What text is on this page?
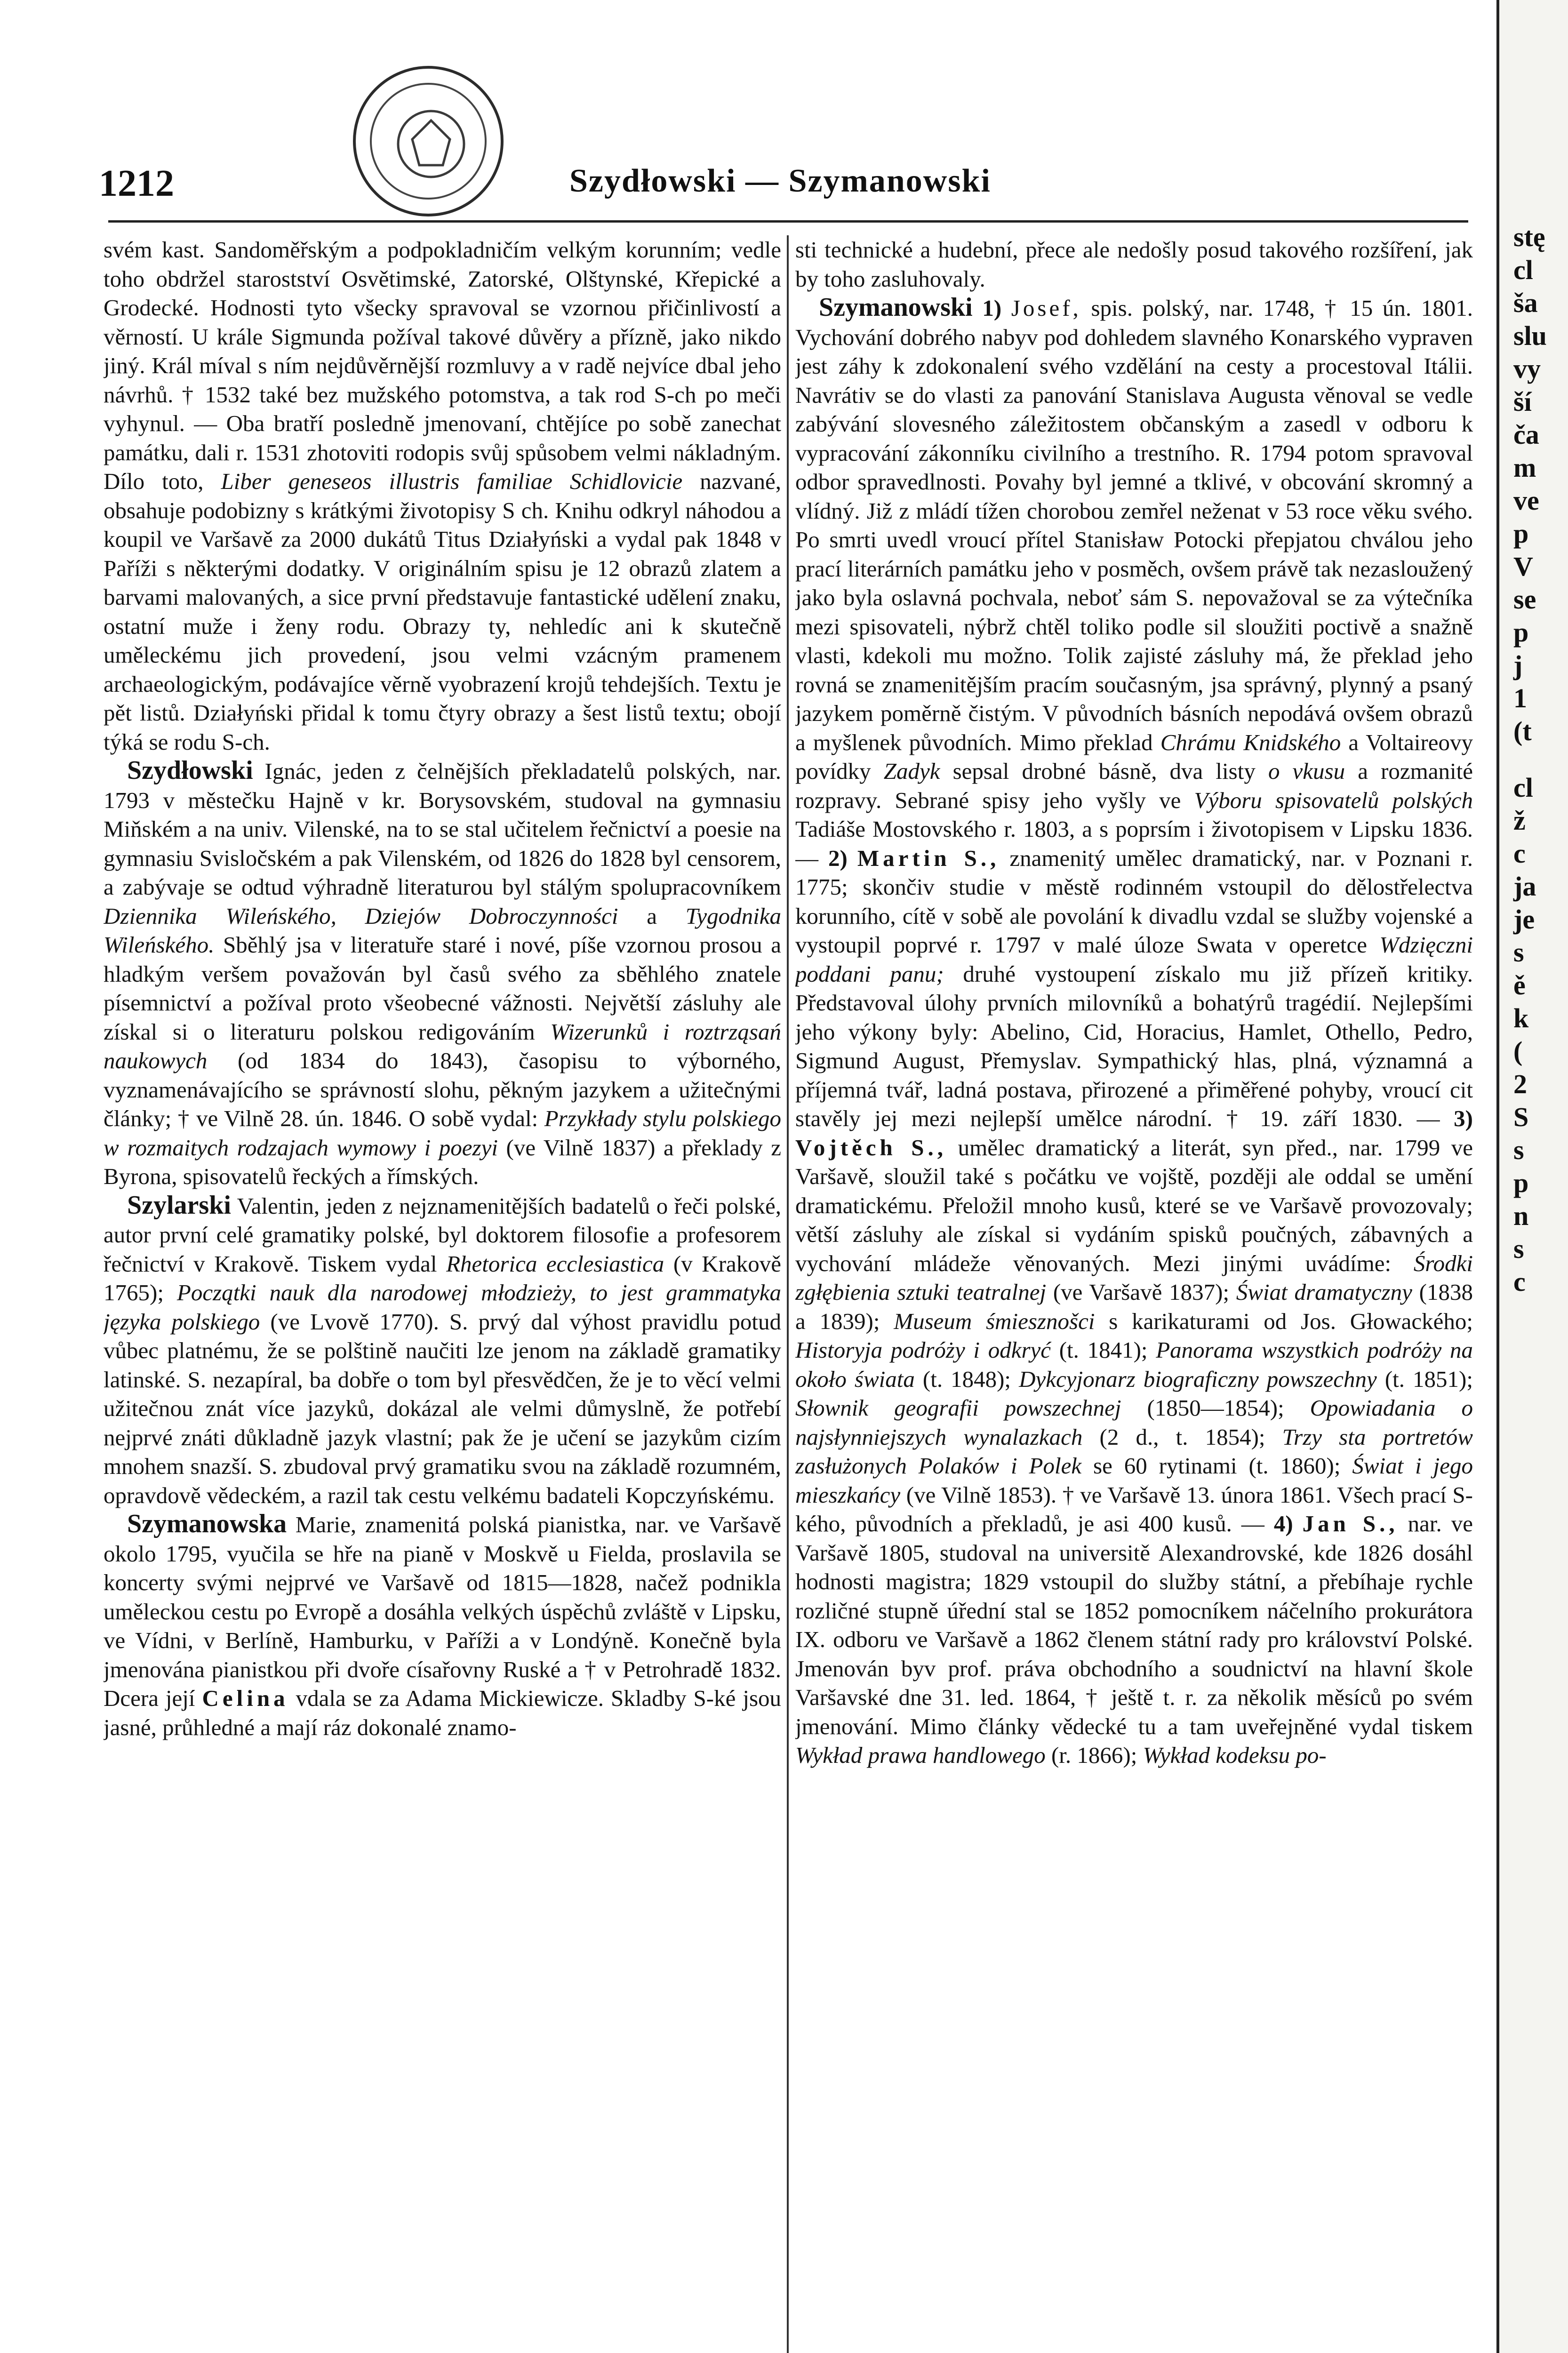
1212	Szydłowski — Szymanowski

svém kast. Sandoměřským a podpokladničím velkým korunním; vedle toho obdržel starostství Osvětimské, Zatorské, Olštynské, Křepické a Grodecké. Hodnosti tyto všecky spravoval se vzornou přičinlivostí a věrností. U krále Sigmunda požíval takové důvěry a přízně, jako nikdo jiný. Král míval s ním nejdůvěrnější rozmluvy a v radě nejvíce dbal jeho návrhů. † 1532 také bez mužského potomstva, a tak rod S-ch po meči vyhynul. — Oba bratří posledně jmenovaní, chtějíce po sobě zanechat památku, dali r. 1531 zhotoviti rodopis svůj spůsobem velmi nákladným. Dílo toto, Liber geneseos illustris familiae Schidlovicie nazvané, obsahuje podobizny s krátkými životopisy S ch. Knihu odkryl náhodou a koupil ve Varšavě za 2000 dukátů Titus Działyński a vydal pak 1848 v Paříži s některými dodatky. V originálním spisu je 12 obrazů zlatem a barvami malovaných, a sice první představuje fantastické udělení znaku, ostatní muže i ženy rodu. Obrazy ty, nehledíc ani k skutečně uměleckému jich provedení, jsou velmi vzácným pramenem archaeologickým, podávajíce věrně vyobrazení krojů tehdejších. Textu je pět listů. Działyński přidal k tomu čtyry obrazy a šest listů textu; obojí týká se rodu S-ch.

Szydłowski Ignác, jeden z čelnějších překladatelů polských, nar. 1793 v městečku Hajně v kr. Borysovském, studoval na gymnasiu Miňském a na univ. Vilenské, na to se stal učitelem řečnictví a poesie na gymnasiu Svisločském a pak Vilenském, od 1826 do 1828 byl censorem, a zabývaje se odtud výhradně literaturou byl stálým spolupracovníkem Dziennika Wileńského, Dziejów Dobroczynności a Tygodnika Wileńského. Sběhlý jsa v literatuře staré i nové, píše vzornou prosou a hladkým veršem považován byl časů svého za sběhlého znatele písemnictví a požíval proto všeobecné vážnosti. Největší zásluhy ale získal si o literaturu polskou redigováním Wizerunků i roztrząsań naukowych (od 1834 do 1843), časopisu to výborného, vyznamenávajícího se správností slohu, pěkným jazykem a užitečnými články; † ve Vilně 28. ún. 1846. O sobě vydal: Przykłady stylu polskiego w rozmaitych rodzajach wymowy i poezyi (ve Vilně 1837) a překlady z Byrona, spisovatelů řeckých a římských.

Szylarski Valentin, jeden z nejznamenitějších badatelů o řeči polské, autor první celé gramatiky polské, byl doktorem filosofie a profesorem řečnictví v Krakově. Tiskem vydal Rhetorica ecclesiastica (v Krakově 1765); Początki nauk dla narodowej młodzieży, to jest grammatyka języka polskiego (ve Lvově 1770). S. prvý dal výhost pravidlu potud vůbec platnému, že se polštině naučiti lze jenom na základě gramatiky latinské. S. nezapíral, ba dobře o tom byl přesvědčen, že je to věcí velmi užitečnou znát více jazyků, dokázal ale velmi důmyslně, že potřebí nejprvé znáti důkladně jazyk vlastní; pak že je učení se jazykům cizím mnohem snazší. S. zbudoval prvý gramatiku svou na základě rozumném, opravdově vědeckém, a razil tak cestu velkému badateli Kopczyńskému.

Szymanowska Marie, znamenitá polská pianistka, nar. ve Varšavě okolo 1795, vyučila se hře na pianě v Moskvě u Fielda, proslavila se koncerty svými nejprvé ve Varšavě od 1815—1828, načež podnikla uměleckou cestu po Evropě a dosáhla velkých úspěchů zvláště v Lipsku, ve Vídni, v Berlíně, Hamburku, v Paříži a v Londýně. Konečně byla jmenována pianistkou při dvoře císařovny Ruské a † v Petrohradě 1832. Dcera její Celina vdala se za Adama Mickiewicze. Skladby S-ké jsou jasné, průhledné a mají ráz dokonalé znamo-

sti technické a hudební, přece ale nedošly posud takového rozšíření, jak by toho zasluhovaly.

Szymanowski 1) Josef, spis. polský, nar. 1748, † 15 ún. 1801. Vychování dobrého nabyv pod dohledem slavného Konarského vypraven jest záhy k zdokonalení svého vzdělání na cesty a procestoval Itálii. Navrátiv se do vlasti za panování Stanislava Augusta věnoval se vedle zabývání slovesného záležitostem občanským a zasedl v odboru k vypracování zákonníku civilního a trestního. R. 1794 potom spravoval odbor spravedlnosti. Povahy byl jemné a tklivé, v obcování skromný a vlídný. Již z mládí tížen chorobou zemřel neženat v 53 roce věku svého. Po smrti uvedl vroucí přítel Stanisław Potocki přepjatou chválou jeho prací literárních památku jeho v posměch, ovšem právě tak nezasloužený jako byla oslavná pochvala, neboť sám S. nepovažoval se za výtečníka mezi spisovateli, nýbrž chtěl toliko podle sil sloužiti poctivě a snažně vlasti, kdekoli mu možno. Tolik zajisté zásluhy má, že překlad jeho rovná se znamenitějším pracím současným, jsa správný, plynný a psaný jazykem poměrně čistým. V původních básních nepodává ovšem obrazů a myšlenek původních. Mimo překlad Chrámu Knidského a Voltaireovy povídky Zadyk sepsal drobné básně, dva listy o vkusu a rozmanité rozpravy. Sebrané spisy jeho vyšly ve Výboru spisovatelů polských Tadiáše Mostovského r. 1803, a s poprsím i životopisem v Lipsku 1836. — 2) Martin S., znamenitý umělec dramatický, nar. v Poznani r. 1775; skončiv studie v městě rodinném vstoupil do dělostřelectva korunního, cítě v sobě ale povolání k divadlu vzdal se služby vojenské a vystoupil poprvé r. 1797 v malé úloze Swata v operetce Wdzięczni poddani panu; druhé vystoupení získalo mu již přízeň kritiky. Představoval úlohy prvních milovníků a bohatýrů tragédií. Nejlepšími jeho výkony byly: Abelino, Cid, Horacius, Hamlet, Othello, Pedro, Sigmund August, Přemyslav. Sympathický hlas, plná, významná a příjemná tvář, ladná postava, přirozené a přiměřené pohyby, vroucí cit stavěly jej mezi nejlepší umělce národní. † 19. září 1830. — 3) Vojtěch S., umělec dramatický a literát, syn před., nar. 1799 ve Varšavě, sloužil také s počátku ve vojště, později ale oddal se umění dramatickému. Přeložil mnoho kusů, které se ve Varšavě provozovaly; větší zásluhy ale získal si vydáním spisků poučných, zábavných a vychování mládeže věnovaných. Mezi jinými uvádíme: Środki zgłębienia sztuki teatralnej (ve Varšavě 1837); Świat dramatyczny (1838 a 1839); Museum śmiesznošci s karikaturami od Jos. Głowackého; Historyja podróży i odkryć (t. 1841); Panorama wszystkich podróży na około świata (t. 1848); Dykcyjonarz biograficzny powszechny (t. 1851); Słownik geografii powszechnej (1850—1854); Opowiadania o najsłynniejszych wynalazkach (2 d., t. 1854); Trzy sta portretów zasłużonych Polaków i Polek se 60 rytinami (t. 1860); Świat i jego mieszkańcy (ve Vilně 1853). † ve Varšavě 13. února 1861. Všech prací S-kého, původních a překladů, je asi 400 kusů. — 4) Jan S., nar. ve Varšavě 1805, studoval na universitě Alexandrovské, kde 1826 dosáhl hodnosti magistra; 1829 vstoupil do služby státní, a přebíhaje rychle rozličné stupně úřední stal se 1852 pomocníkem náčelního prokurátora IX. odboru ve Varšavě a 1862 členem státní rady pro království Polské. Jmenován byv prof. práva obchodního a soudnictví na hlavní škole Varšavské dne 31. led. 1864, † ještě t. r. za několik měsíců po svém jmenování. Mimo články vědecké tu a tam uveřejněné vydal tiskem Wykład prawa handlowego (r. 1866); Wykład kodeksu po-

stę
cl
ša
slu
vy
ší
ča
m
ve
p
V
se
p
j
1
(t
cl
ž
c
ja
je
s
ě
k
(
2
S
s
p
n
s
c
